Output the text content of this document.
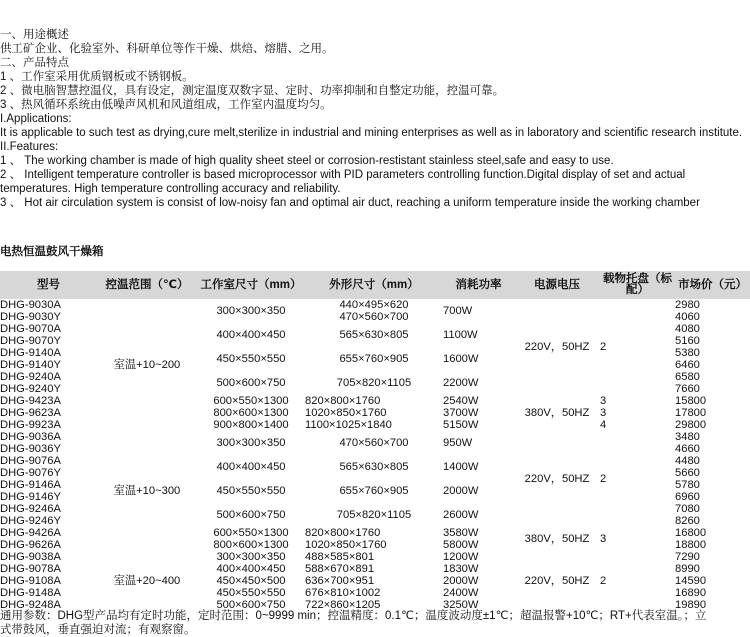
一、用途概述

供工矿企业、化验室外、科研单位等作干燥、烘焙、熔腊、之用。

二、产品特点

1 、工作室采用优质钢板或不锈钢板。

2 、微电脑智慧控温仪，具有设定，测定温度双数字显、定时、功率抑制和自整定功能，控温可靠。

3 、热风循环系统由低噪声风机和风道组成，工作室内温度均匀。

I.Applications:

It is applicable to such test as drying,cure melt,sterilize in industrial and mining enterprises as well as in laboratory and scientific research institute.

II.Features:

1 、 The working chamber is made of high quality sheet steel or corrosion-restistant stainless steel,safe and easy to use.

2 、 Intelligent temperature controller is based microprocessor with PID parameters controlling function.Digital display of set and actual temperatures. High temperature controlling accuracy and reliability.

3 、 Hot air circulation system is consist of low-noisy fan and optimal air duct, reaching a uniform temperature inside the working chamber

电热恒温鼓风干燥箱
型号	控温范围（℃）	工作室尺寸（mm）	外形尺寸（mm）	消耗功率	电源电压	载物托盘（标配）	市场价（元）
DHG-9030A	室温+10~200	300×300×350	440×495×620	700W	220V，50HZ	2	2980
DHG-9030Y			470×560×700				4060
DHG-9070A		400×400×450	565×630×805	1100W			4080
DHG-9070Y							5160
DHG-9140A		450×550×550	655×760×905	1600W			5380
DHG-9140Y							6460
DHG-9240A		500×600×750	705×820×1105	2200W			6580
DHG-9240Y							7660
DHG-9423A		600×550×1300	820×800×1760	2540W	380V，50HZ	3	15800
DHG-9623A		800×600×1300	1020×850×1760	3700W		3	17800
DHG-9923A		900×800×1400	1100×1025×1840	5150W		4	29800
DHG-9036A	室温+10~300	300×300×350	470×560×700	950W	220V，50HZ	2	3480
DHG-9036Y							4660
DHG-9076A		400×400×450	565×630×805	1400W			4480
DHG-9076Y							5660
DHG-9146A		450×550×550	655×760×905	2000W			5780
DHG-9146Y							6960
DHG-9246A		500×600×750	705×820×1105	2600W			7080
DHG-9246Y							8260
DHG-9426A		600×550×1300	820×800×1760	3580W	380V，50HZ	3	16800
DHG-9626A		800×600×1300	1020×850×1760	5800W			18800
DHG-9038A	室温+20~400	300×300×350	488×585×801	1200W	220V，50HZ	2	7290
DHG-9078A		400×400×450	588×670×891	1830W			8990
DHG-9108A		450×450×500	636×700×951	2000W			14590
DHG-9148A		450×550×550	676×810×1002	2400W			16890
DHG-9248A		500×600×750	722×860×1205	3250W			19890

通用参数：DHG型产品均有定时功能，定时范围：0~9999 min；控温精度：0.1℃；温度波动度±1℃；超温报警+10℃；RT+代表室温。；立

式带鼓风，垂直强迫对流；有观察窗。
